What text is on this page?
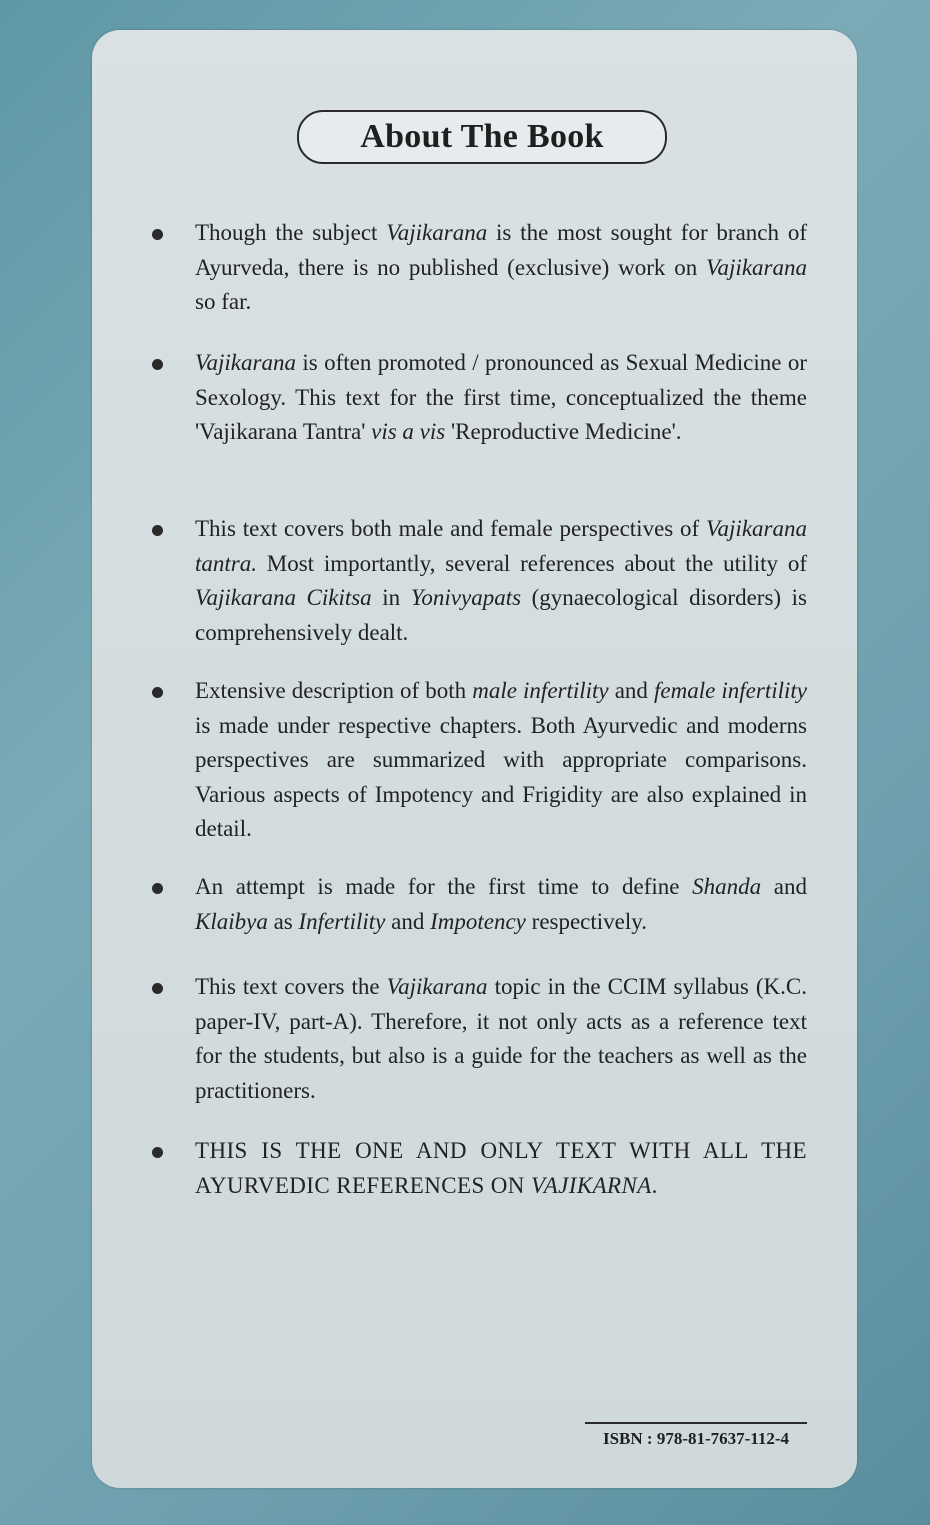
About The Book
Though the subject Vajikarana is the most sought for branch of Ayurveda, there is no published (exclusive) work on Vajikarana so far.
Vajikarana is often promoted / pronounced as Sexual Medicine or Sexology. This text for the first time, conceptualized the theme 'Vajikarana Tantra' vis a vis 'Reproductive Medicine'.
This text covers both male and female perspectives of Vajikarana tantra. Most importantly, several references about the utility of Vajikarana Cikitsa in Yonivyapats (gynaecological disorders) is comprehensively dealt.
Extensive description of both male infertility and female infertility is made under respective chapters. Both Ayurvedic and moderns perspectives are summarized with appropriate comparisons. Various aspects of Impotency and Frigidity are also explained in detail.
An attempt is made for the first time to define Shanda and Klaibya as Infertility and Impotency respectively.
This text covers the Vajikarana topic in the CCIM syllabus (K.C. paper-IV, part-A). Therefore, it not only acts as a reference text for the students, but also is a guide for the teachers as well as the practitioners.
THIS IS THE ONE AND ONLY TEXT WITH ALL THE AYURVEDIC REFERENCES ON VAJIKARNA.
ISBN : 978-81-7637-112-4
